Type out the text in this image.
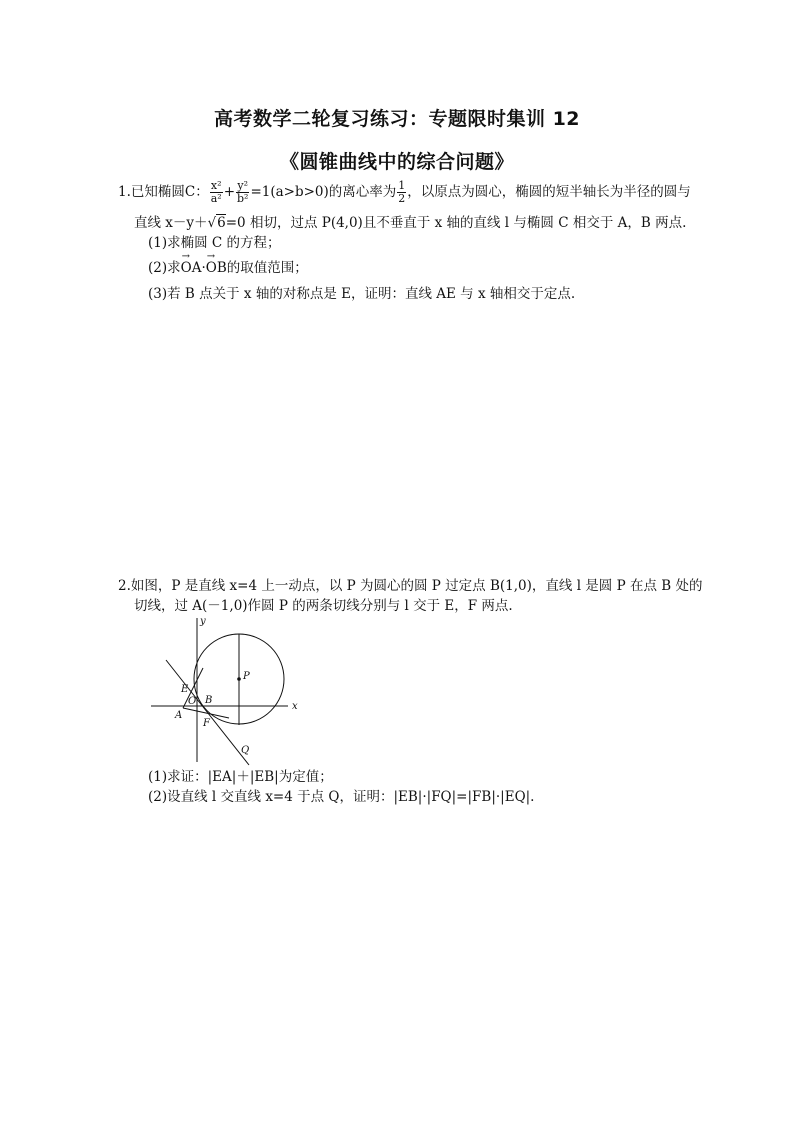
高考数学二轮复习练习：专题限时集训 12
《圆锥曲线中的综合问题》
1.已知椭圆C： $\frac{\text{x²}}{\text{a²}} + \frac{\text{y²}}{\text{b²}} =1(a>b>0)$的离心率为 $\frac{1}{2}$ ，以原点为圆心，椭圆的短半轴长为半径的圆与
直线 x－y＋√6=0 相切，过点 P(4,0)且不垂直于 x 轴的直线 l 与椭圆 C 相交于 A，B 两点.
(1)求椭圆 C 的方程；
(2)求→ OA·→ OB的取值范围；
(3)若 B 点关于 x 轴的对称点是 E，证明：直线 AE 与 x 轴相交于定点.
2.如图，P 是直线 x=4 上一动点，以 P 为圆心的圆 P 过定点 B(1,0)，直线 l 是圆 P 在点 B 处的
切线，过 A(－1,0)作圆 P 的两条切线分别与 l 交于 E，F 两点.
y
x
P
E
O B
A
F
Q
(1)求证：|EA|＋|EB|为定值；
(2)设直线 l 交直线 x=4 于点 Q，证明：|EB|·|FQ|=|FB|·|EQ|.
